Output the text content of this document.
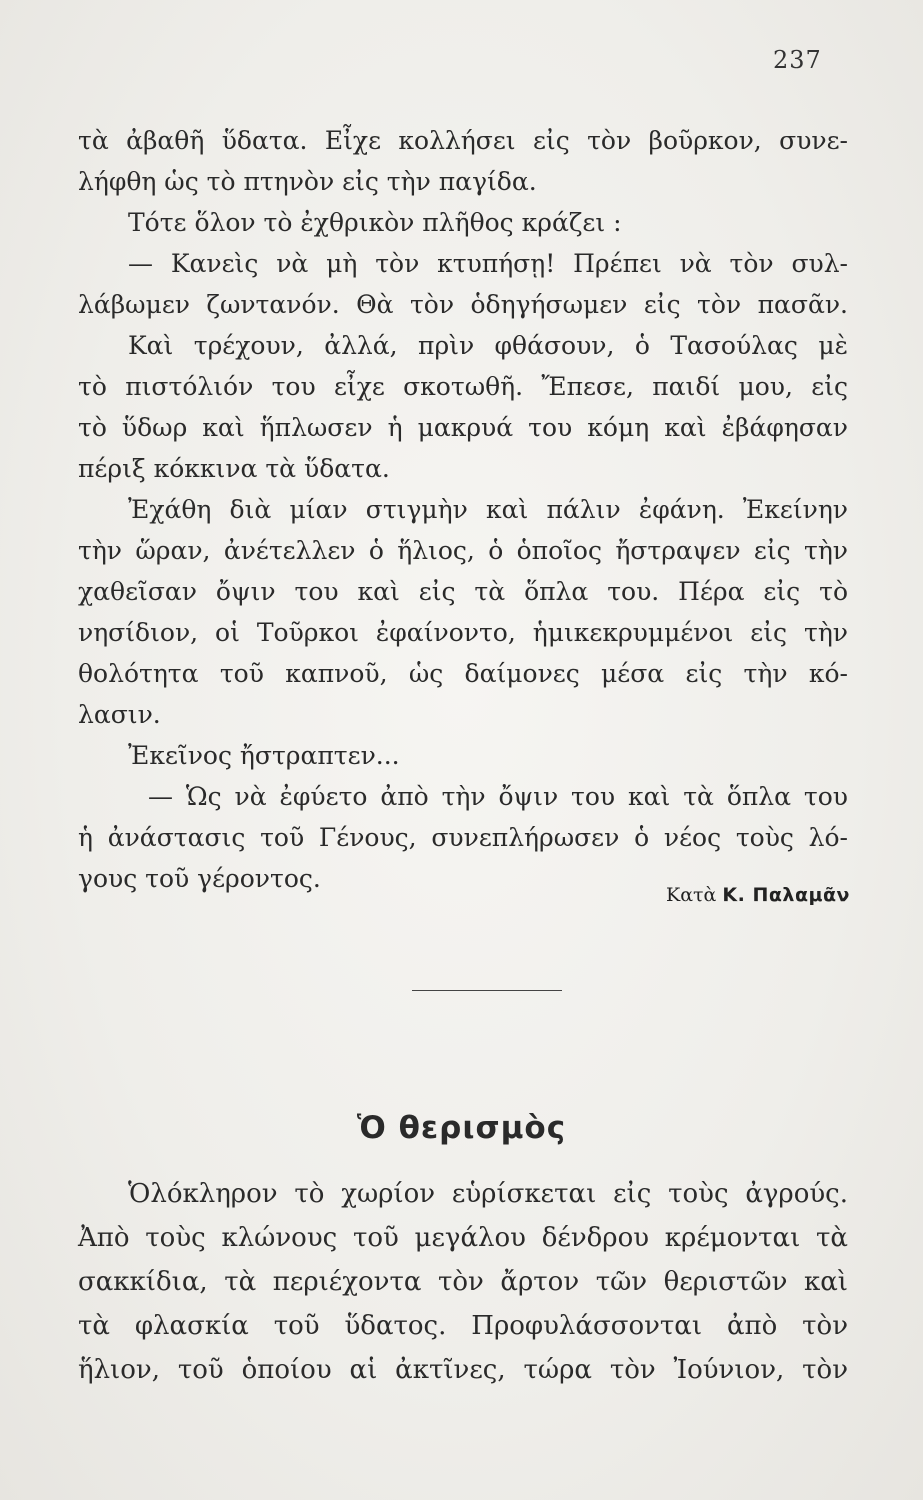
237
τὰ ἀβαθῆ ὕδατα. Εἶχε κολλήσει εἰς τὸν βοῦρκον, συνε-
λήφθη ὡς τὸ πτηνὸν εἰς τὴν παγίδα.
Τότε ὅλον τὸ ἐχθρικὸν πλῆθος κράζει :
— Κανεὶς νὰ μὴ τὸν κτυπήσῃ! Πρέπει νὰ τὸν συλ-
λάβωμεν ζωντανόν. Θὰ τὸν ὁδηγήσωμεν εἰς τὸν πασᾶν.
Καὶ τρέχουν, ἀλλά, πρὶν φθάσουν, ὁ Τασούλας μὲ
τὸ πιστόλιόν του εἶχε σκοτωθῆ. Ἔπεσε, παιδί μου, εἰς
τὸ ὕδωρ καὶ ἥπλωσεν ἡ μακρυά του κόμη καὶ ἐβάφησαν
πέριξ κόκκινα τὰ ὕδατα.
Ἐχάθη διὰ μίαν στιγμὴν καὶ πάλιν ἐφάνη. Ἐκείνην
τὴν ὥραν, ἀνέτελλεν ὁ ἥλιος, ὁ ὁποῖος ἤστραψεν εἰς τὴν
χαθεῖσαν ὄψιν του καὶ εἰς τὰ ὅπλα του. Πέρα εἰς τὸ
νησίδιον, οἱ Τοῦρκοι ἐφαίνοντο, ἡμικεκρυμμένοι εἰς τὴν
θολότητα τοῦ καπνοῦ, ὡς δαίμονες μέσα εἰς τὴν κό-
λασιν.
Ἐκεῖνος ἤστραπτεν...
— Ὡς νὰ ἐφύετο ἀπὸ τὴν ὄψιν του καὶ τὰ ὅπλα του
ἡ ἀνάστασις τοῦ Γένους, συνεπλήρωσεν ὁ νέος τοὺς λό-
γους τοῦ γέροντος.
Κατὰ Κ. Παλαμᾶν
Ὁ θερισμὸς
Ὁλόκληρον τὸ χωρίον εὑρίσκεται εἰς τοὺς ἀγρούς.
Ἀπὸ τοὺς κλώνους τοῦ μεγάλου δένδρου κρέμονται τὰ
σακκίδια, τὰ περιέχοντα τὸν ἄρτον τῶν θεριστῶν καὶ
τὰ φλασκία τοῦ ὕδατος. Προφυλάσσονται ἀπὸ τὸν
ἥλιον, τοῦ ὁποίου αἱ ἀκτῖνες, τώρα τὸν Ἰούνιον, τὸν
